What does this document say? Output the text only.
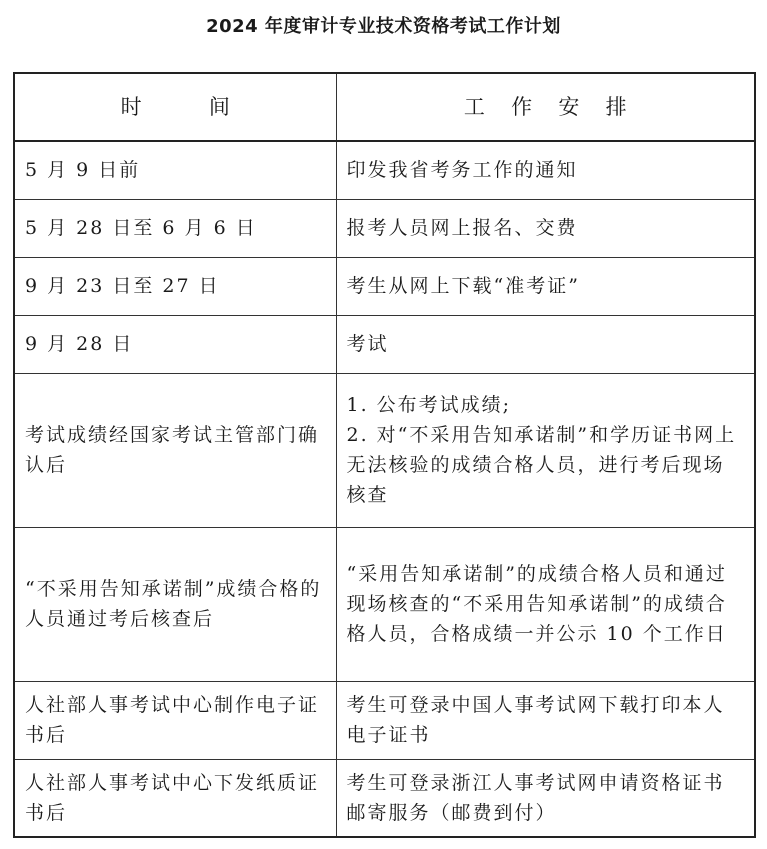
2024 年度审计专业技术资格考试工作计划
时间	工作安排
5 月 9 日前	印发我省考务工作的通知

5 月 28 日至 6 月 6 日	报考人员网上报名、交费

9 月 23 日至 27 日	考生从网上下载“准考证”

9 月 28 日	考试

考试成绩经国家考试主管部门确认后	1. 公布考试成绩;
2. 对“不采用告知承诺制”和学历证书网上无法核验的成绩合格人员，进行考后现场核查

“不采用告知承诺制”成绩合格的人员通过考后核查后	“采用告知承诺制”的成绩合格人员和通过现场核查的“不采用告知承诺制”的成绩合格人员，合格成绩一并公示 10 个工作日

人社部人事考试中心制作电子证书后	考生可登录中国人事考试网下载打印本人电子证书

人社部人事考试中心下发纸质证书后	考生可登录浙江人事考试网申请资格证书邮寄服务（邮费到付）
